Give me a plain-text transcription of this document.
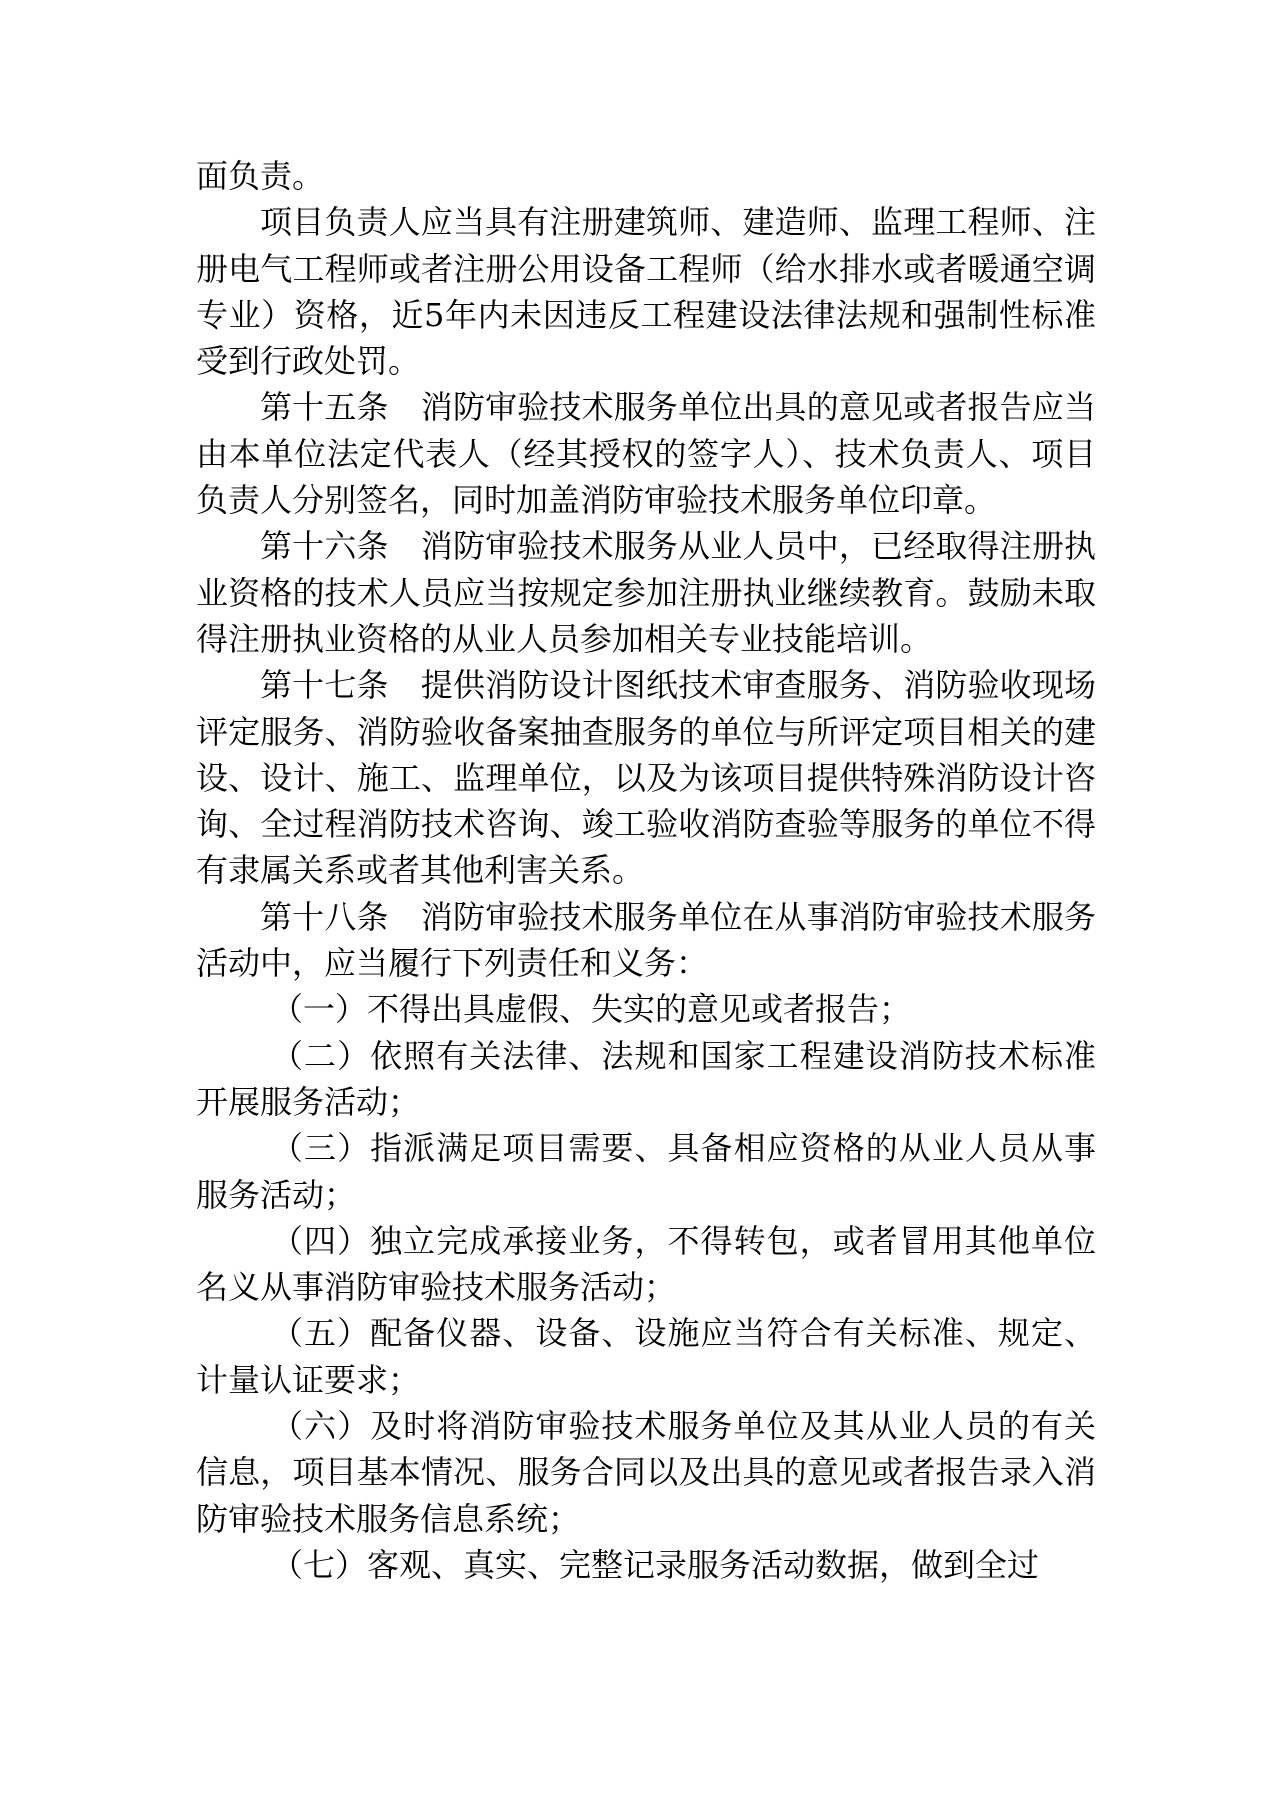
面负责。

项目负责人应当具有注册建筑师、建造师、监理工程师、注册电气工程师或者注册公用设备工程师（给水排水或者暖通空调专业）资格，近5年内未因违反工程建设法律法规和强制性标准受到行政处罚。

第十五条　消防审验技术服务单位出具的意见或者报告应当由本单位法定代表人（经其授权的签字人）、技术负责人、项目负责人分别签名，同时加盖消防审验技术服务单位印章。

第十六条　消防审验技术服务从业人员中，已经取得注册执业资格的技术人员应当按规定参加注册执业继续教育。鼓励未取得注册执业资格的从业人员参加相关专业技能培训。

第十七条　提供消防设计图纸技术审查服务、消防验收现场评定服务、消防验收备案抽查服务的单位与所评定项目相关的建设、设计、施工、监理单位，以及为该项目提供特殊消防设计咨询、全过程消防技术咨询、竣工验收消防查验等服务的单位不得有隶属关系或者其他利害关系。

第十八条　消防审验技术服务单位在从事消防审验技术服务活动中，应当履行下列责任和义务：

（一）不得出具虚假、失实的意见或者报告；

（二）依照有关法律、法规和国家工程建设消防技术标准开展服务活动；

（三）指派满足项目需要、具备相应资格的从业人员从事服务活动；

（四）独立完成承接业务，不得转包，或者冒用其他单位名义从事消防审验技术服务活动；

（五）配备仪器、设备、设施应当符合有关标准、规定、计量认证要求；

（六）及时将消防审验技术服务单位及其从业人员的有关信息，项目基本情况、服务合同以及出具的意见或者报告录入消防审验技术服务信息系统；

（七）客观、真实、完整记录服务活动数据，做到全过
